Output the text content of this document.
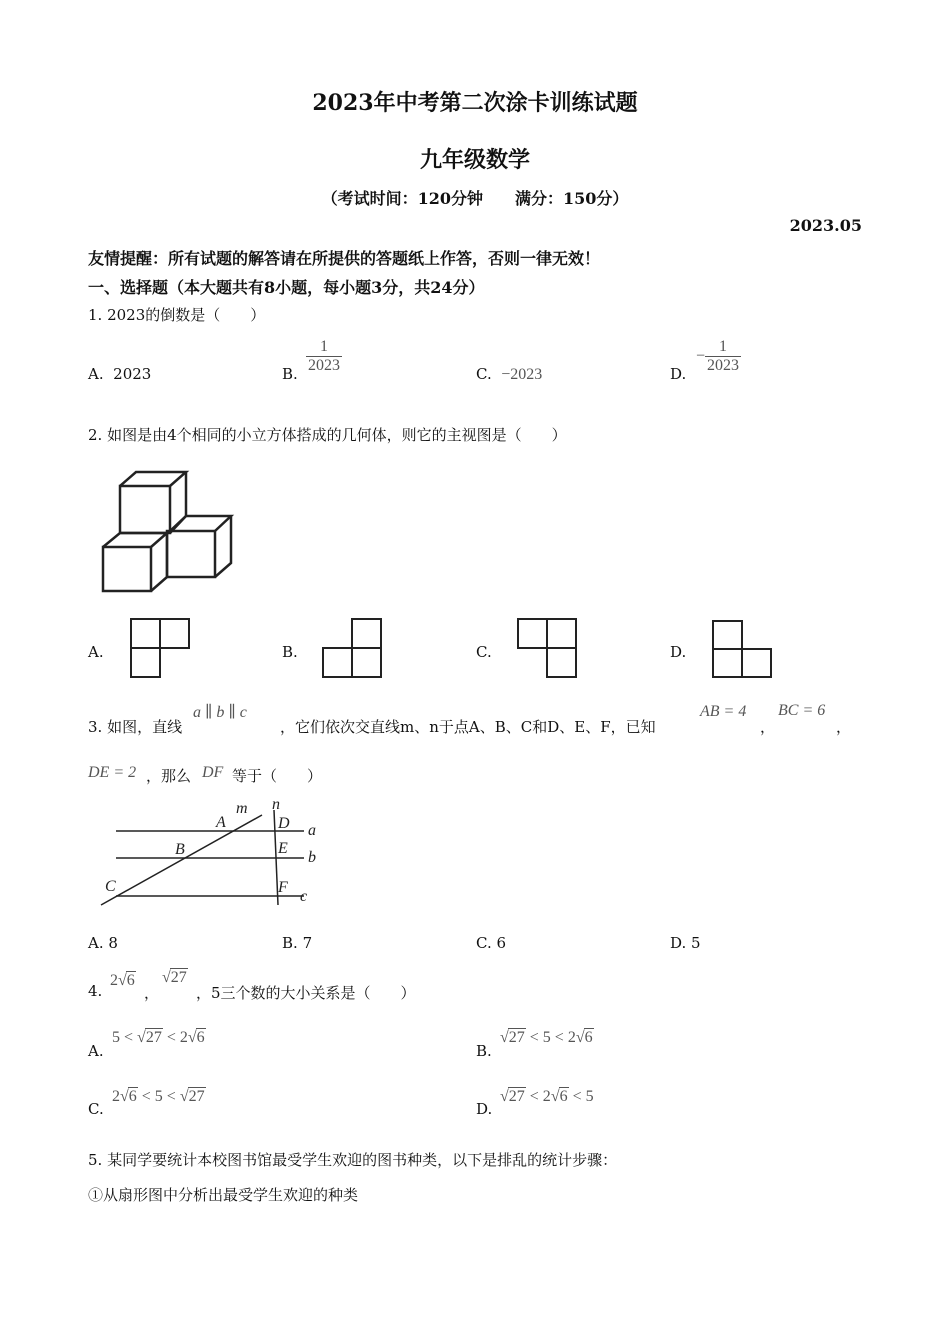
2023年中考第二次涂卡训练试题
九年级数学
（考试时间：120分钟　　满分：150分）
2023.05
友情提醒：所有试题的解答请在所提供的答题纸上作答，否则一律无效！
一、选择题（本大题共有8小题，每小题3分，共24分）
1. 2023的倒数是（　　）
A. 2023	B. $\frac{1}{2023}$	C. −2023	D.
− $\frac{1}{2023}$
2. 如图是由4个相同的小立方体搭成的几何体，则它的主视图是（　　）
A.	B.	C.	D.
3. 如图，直线
a ∥ b ∥ c
，它们依次交直线m、n于点A、B、C和D、E、F，已知
AB = 4
，
BC = 6
，
DE = 2 ，那么 DF 等于（　　）
m n
a
b
c
A
B
C
D
E
F
A. 8	B. 7	C. 6	D. 5
4.
2√6
，
√27
，5三个数的大小关系是（　　）
A.
5 < √27 < 2√6
B.
√27 < 5 < 2√6
C.
2√6 < 5 < √27
D.
√27 < 2√6 < 5
5. 某同学要统计本校图书馆最受学生欢迎的图书种类，以下是排乱的统计步骤：
①从扇形图中分析出最受学生欢迎的种类
